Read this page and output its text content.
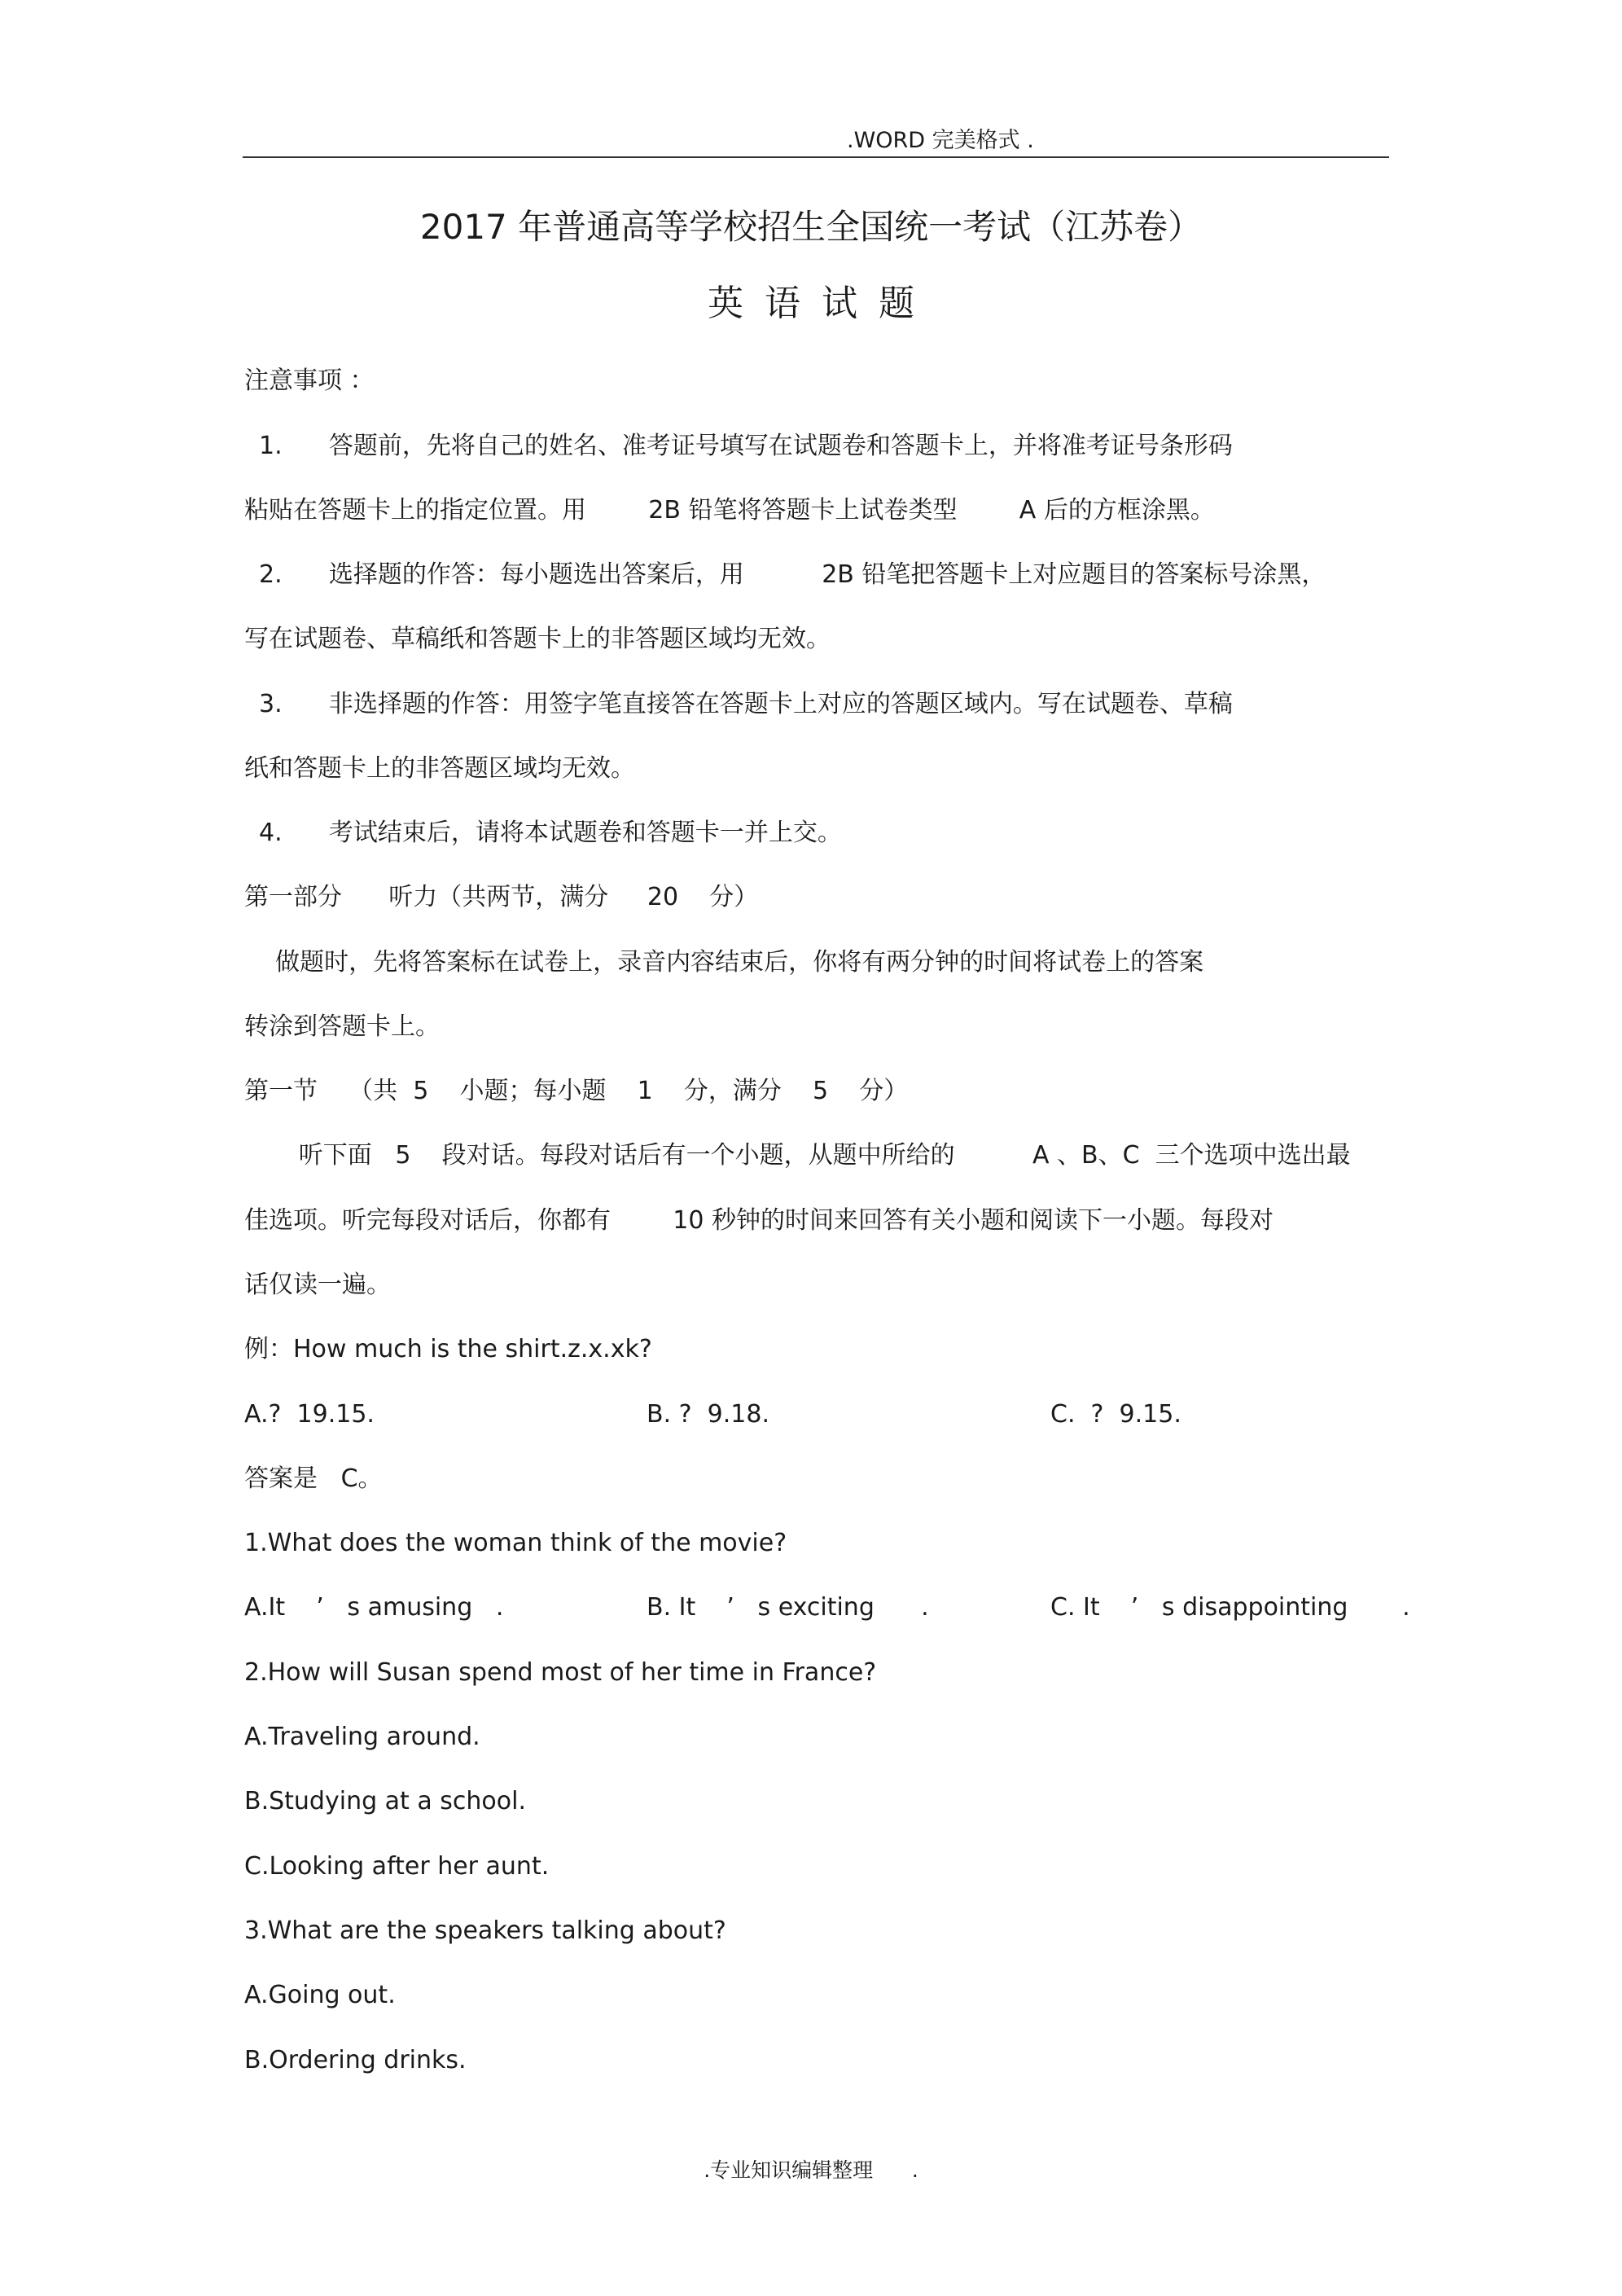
.WORD 完美格式 .
2017 年普通高等学校招生全国统一考试（江苏卷）
英语试题
注意事项 ：
1.      答题前，先将自己的姓名、准考证号填写在试题卷和答题卡上，并将准考证号条形码
粘贴在答题卡上的指定位置。用        2B 铅笔将答题卡上试卷类型        A 后的方框涂黑。
2.      选择题的作答：每小题选出答案后，用          2B 铅笔把答题卡上对应题目的答案标号涂黑，
写在试题卷、草稿纸和答题卡上的非答题区域均无效。
3.      非选择题的作答：用签字笔直接答在答题卡上对应的答题区域内。写在试题卷、草稿
纸和答题卡上的非答题区域均无效。
4.      考试结束后，请将本试题卷和答题卡一并上交。
第一部分      听力（共两节，满分     20    分）
做题时，先将答案标在试卷上，录音内容结束后，你将有两分钟的时间将试卷上的答案
转涂到答题卡上。
第一节    （共  5    小题；每小题    1    分，满分    5    分）
听下面   5    段对话。每段对话后有一个小题，从题中所给的          A 、B、C  三个选项中选出最
佳选项。听完每段对话后，你都有        10 秒钟的时间来回答有关小题和阅读下一小题。每段对
话仅读一遍。
例：How much is the shirt.z.x.xk?
A.?  19.15.	B. ?  9.18.	C.  ?  9.15.
答案是   C。
1.What does the woman think of the movie?
A.It    ’   s amusing   .	B. It    ’   s exciting      .	C. It    ’   s disappointing       .
2.How will Susan spend most of her time in France?
A.Traveling around.
B.Studying at a school.
C.Looking after her aunt.
3.What are the speakers talking about?
A.Going out.
B.Ordering drinks.
.专业知识编辑整理      .
